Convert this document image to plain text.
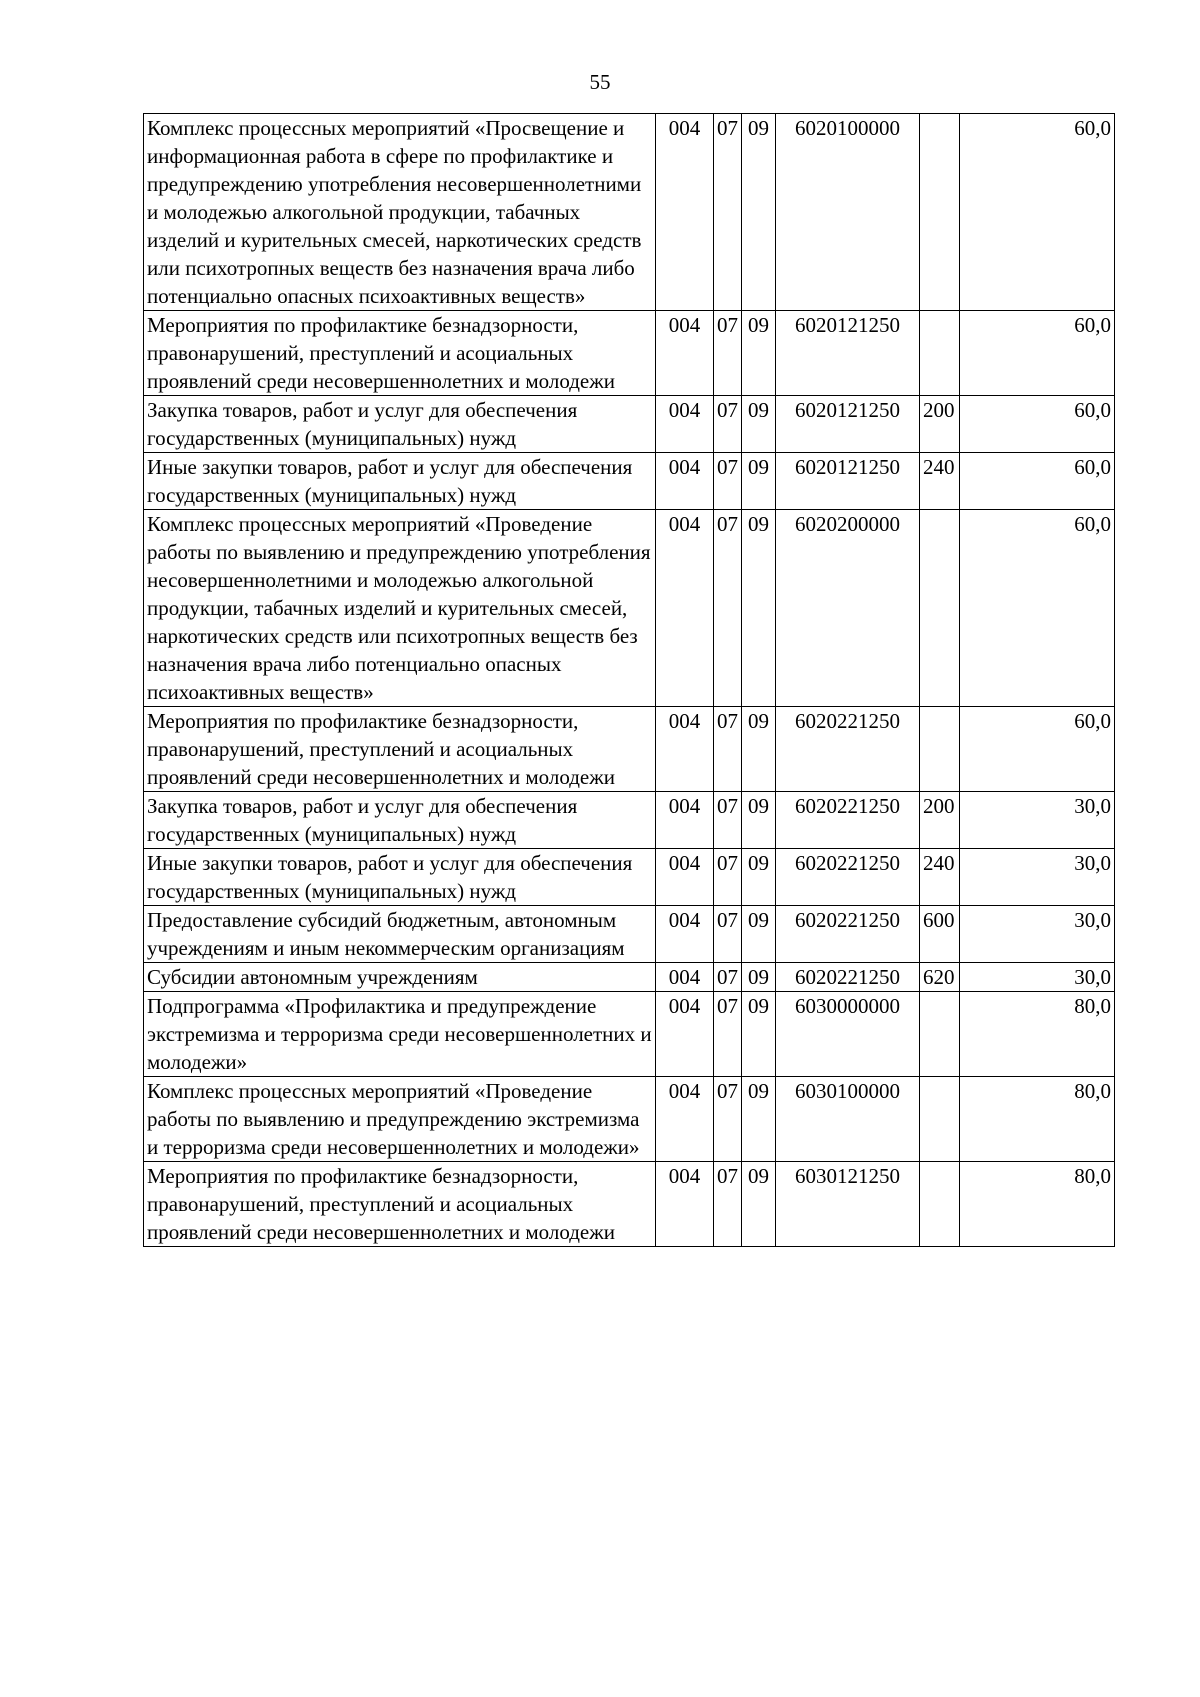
55
Комплекс процессных мероприятий «Просвещение и информационная работа в сфере по профилактике и предупреждению употребления несовершеннолетними и молодежью алкогольной продукции, табачных изделий и курительных смесей, наркотических средств или психотропных веществ без назначения врача либо потенциально опасных психоактивных веществ»	004	07	09	6020100000		60,0
Мероприятия по профилактике безнадзорности, правонарушений, преступлений и асоциальных проявлений среди несовершеннолетних и молодежи	004	07	09	6020121250		60,0
Закупка товаров, работ и услуг для обеспечения государственных (муниципальных) нужд	004	07	09	6020121250	200	60,0
Иные закупки товаров, работ и услуг для обеспечения государственных (муниципальных) нужд	004	07	09	6020121250	240	60,0
Комплекс процессных мероприятий «Проведение работы по выявлению и предупреждению употребления несовершеннолетними и молодежью алкогольной продукции, табачных изделий и курительных смесей, наркотических средств или психотропных веществ без назначения врача либо потенциально опасных психоактивных веществ»	004	07	09	6020200000		60,0
Мероприятия по профилактике безнадзорности, правонарушений, преступлений и асоциальных проявлений среди несовершеннолетних и молодежи	004	07	09	6020221250		60,0
Закупка товаров, работ и услуг для обеспечения государственных (муниципальных) нужд	004	07	09	6020221250	200	30,0
Иные закупки товаров, работ и услуг для обеспечения государственных (муниципальных) нужд	004	07	09	6020221250	240	30,0
Предоставление субсидий бюджетным, автономным учреждениям и иным некоммерческим организациям	004	07	09	6020221250	600	30,0
Субсидии автономным учреждениям	004	07	09	6020221250	620	30,0
Подпрограмма «Профилактика и предупреждение экстремизма и терроризма среди несовершеннолетних и молодежи»	004	07	09	6030000000		80,0
Комплекс процессных мероприятий «Проведение работы по выявлению и предупреждению экстремизма и терроризма среди несовершеннолетних и молодежи»	004	07	09	6030100000		80,0
Мероприятия по профилактике безнадзорности, правонарушений, преступлений и асоциальных проявлений среди несовершеннолетних и молодежи	004	07	09	6030121250		80,0
